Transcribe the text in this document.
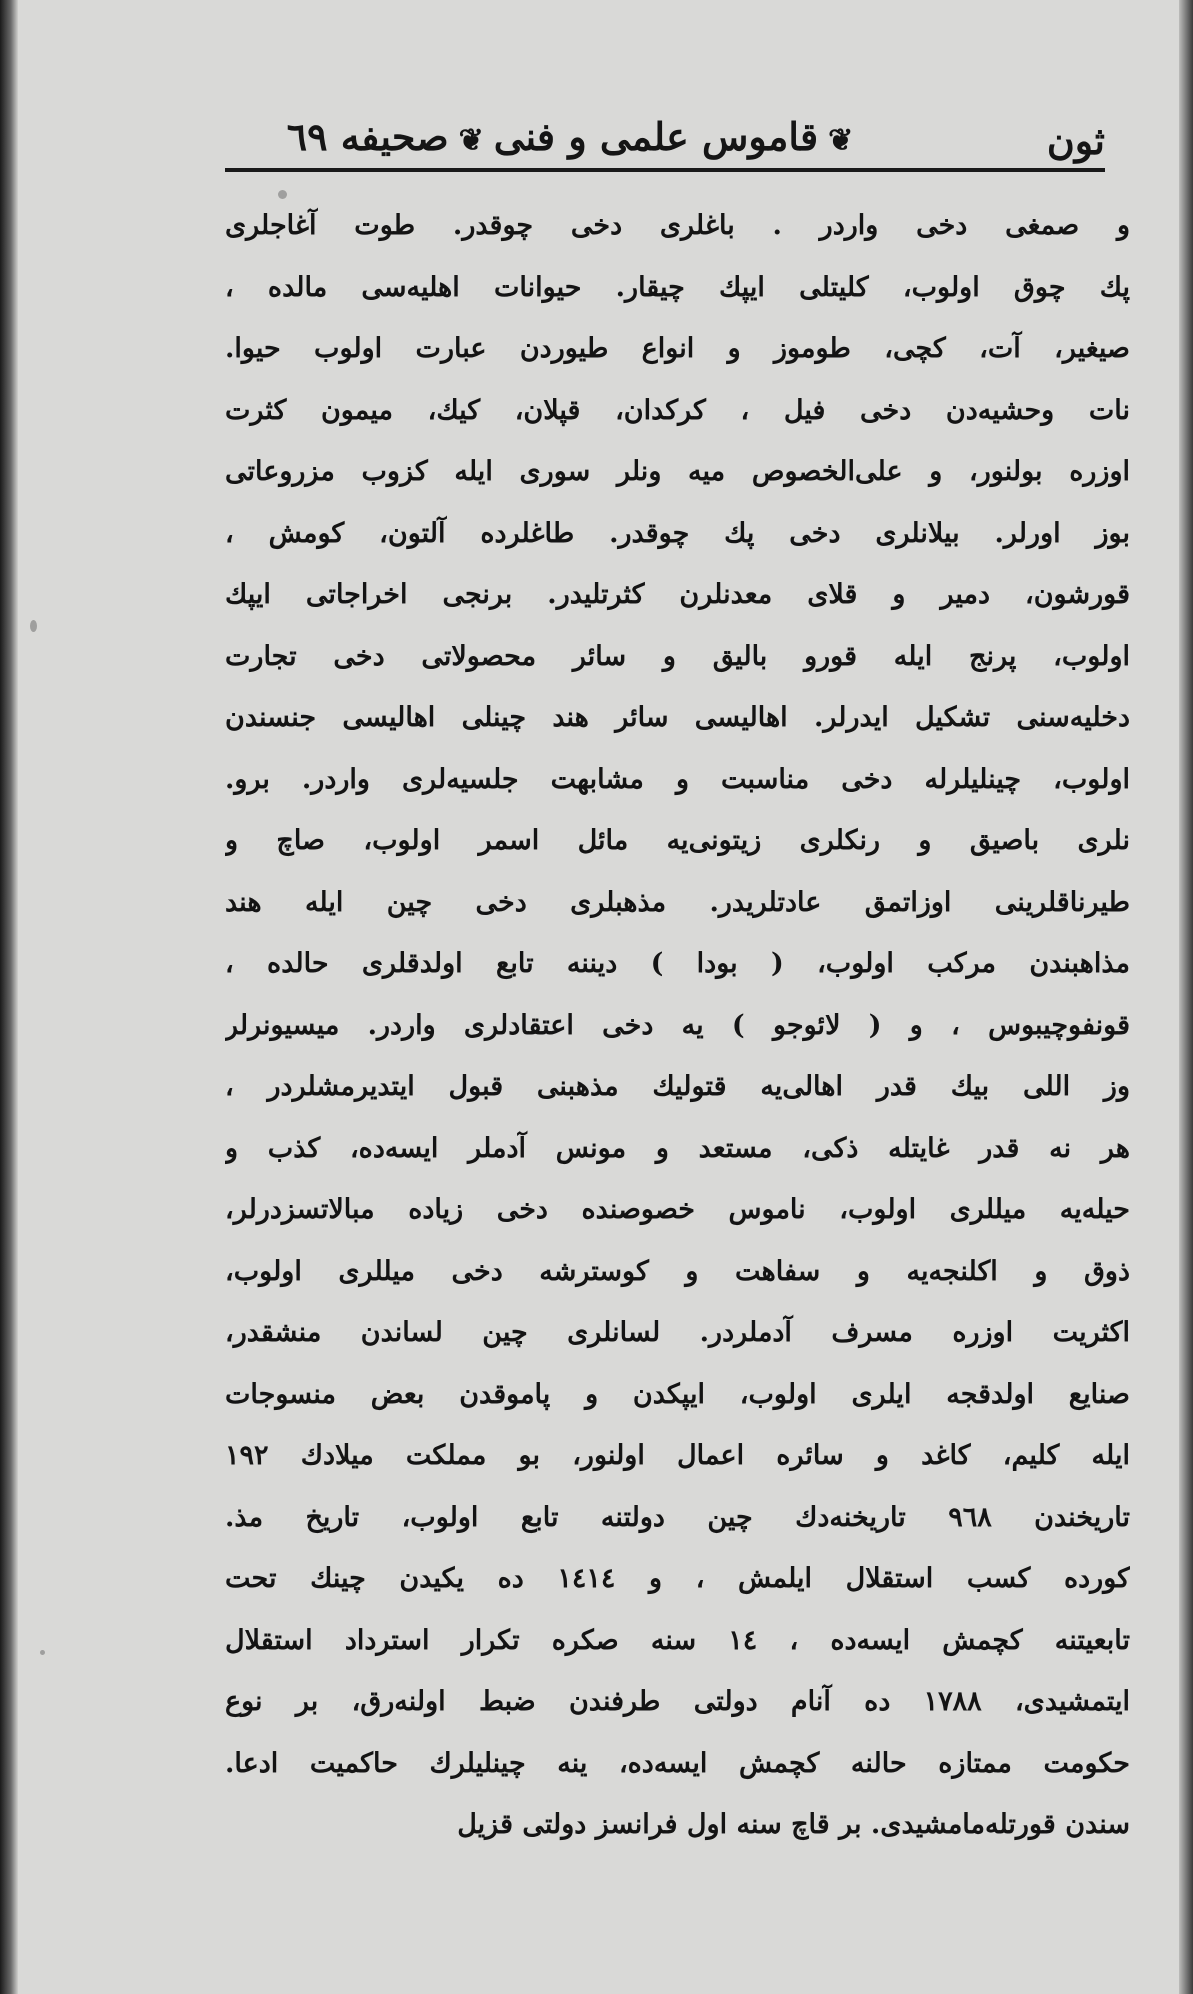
ثون
❦قاموس علمی و فنی❦صحیفه ٦٩
و صمغی دخی واردر . باغلری دخی چوقدر. طوت آغاجلری
پك چوق اولوب، کلیتلی ایپك چیقار. حیوانات اهلیه‌سی مالده ،
صیغیر، آت، کچی، طوموز و انواع طیوردن عبارت اولوب حیوا.
نات وحشیه‌دن دخی فیل ، کرکدان، قپلان، کیك، میمون کثرت
اوزره بولنور، و علی‌الخصوص میه‌ ونلر سوری ایله کزوب مزروعاتی
بوز اورلر. بیلانلری دخی پك چوقدر. طاغلرده آلتون، کومش ،
قورشون، دمیر و قلای معدنلرن کثرتلیدر. برنجی اخراجاتی ایپك
اولوب، پرنج ایله قورو بالیق و سائر محصولاتی دخی تجارت
دخلیه‌سنی تشکیل ایدرلر. اهالیسی سائر هند چینلی اهالیسی جنسندن
اولوب، چینلیلرله دخی مناسبت و مشابهت جلسیه‌لری واردر. برو.
نلری باصیق و رنکلری زیتونی‌یه مائل اسمر اولوب، صاچ و
طیرناقلرینی اوزاتمق عادتلریدر. مذهبلری دخی چین ایله هند
مذاهبندن مرکب اولوب، ( بودا ) دیننه تابع اولدقلری حالده ،
قونفوچیبوس ، و ( لائوجو ) یه دخی اعتقادلری واردر. میسیونرلر
وز اللی بیك قدر اهالی‌یه قتولیك مذهبنی قبول ایتدیرمشلردر ،
هر نه قدر غایتله ذکی، مستعد و مونس آدملر ایسه‌ده، کذب و
حیله‌یه میللری اولوب، ناموس خصوصنده دخی زیاده مبالاتسزدرلر،
ذوق و اکلنجه‌یه و سفاهت و کوسترشه دخی میللری اولوب،
اکثریت اوزره مسرف آدملردر. لسانلری چین لساندن منشقدر،
صنایع اولدقجه ایلری اولوب، ایپکدن و پاموقدن بعض منسوجات
ایله کلیم، کاغد و سائره اعمال اولنور، بو مملکت میلادك ١٩٢
تاریخندن ٩٦٨ تاریخنه‌دك چین دولتنه تابع اولوب، تاریخ مذ.
کورده کسب استقلال ایلمش ، و ١٤١٤ ده یکیدن چینك تحت
تابعیتنه کچمش ایسه‌ده ، ١٤ سنه صکره تکرار استرداد استقلال
ایتمشیدی، ١٧٨٨ ده آنام دولتی طرفندن ضبط اولنه‌رق، بر نوع
حکومت ممتازه حالنه کچمش ایسه‌ده، ینه چینلیلرك حاکمیت ادعا.
سندن قورتله‌مامشیدی. بر قاچ سنه اول فرانسز دولتی قزیل
